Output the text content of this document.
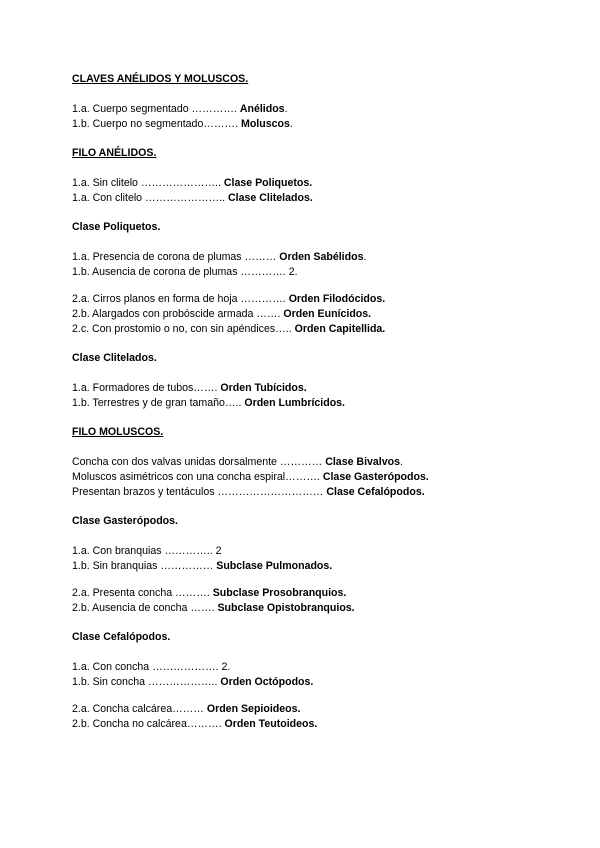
CLAVES ANÉLIDOS Y MOLUSCOS.

1.a. Cuerpo segmentado …………. Anélidos.

1.b. Cuerpo no segmentado………. Moluscos.

FILO ANÉLIDOS.

1.a. Sin clitelo ………………….. Clase Poliquetos.

1.a. Con clitelo ………………….. Clase Clitelados.

Clase Poliquetos.

1.a. Presencia de corona de plumas ……… Orden Sabélidos.

1.b. Ausencia de corona de plumas …………. 2.

2.a. Cirros planos en forma de hoja …………. Orden Filodócidos.

2.b. Alargados con probóscide armada ……. Orden Eunícidos.

2.c. Con prostomio o no, con sin apéndices….. Orden Capitellida.

Clase Clitelados.

1.a. Formadores de tubos……. Orden Tubícidos.

1.b. Terrestres y de gran tamaño….. Orden Lumbrícidos.

FILO MOLUSCOS.

Concha con dos valvas unidas dorsalmente ………… Clase Bivalvos.

Moluscos asimétricos con una concha espiral………. Clase Gasterópodos.

Presentan brazos y tentáculos ………………………… Clase Cefalópodos.

Clase Gasterópodos.

1.a. Con branquias ………….. 2

1.b. Sin branquias …………… Subclase Pulmonados.

2.a. Presenta concha ………. Subclase Prosobranquios.

2.b. Ausencia de concha ……. Subclase Opistobranquios.

Clase Cefalópodos.

1.a. Con concha ………………. 2.

1.b. Sin concha ……………….. Orden Octópodos.

2.a. Concha calcárea……… Orden Sepioideos.

2.b. Concha no calcárea………. Orden Teutoideos.
